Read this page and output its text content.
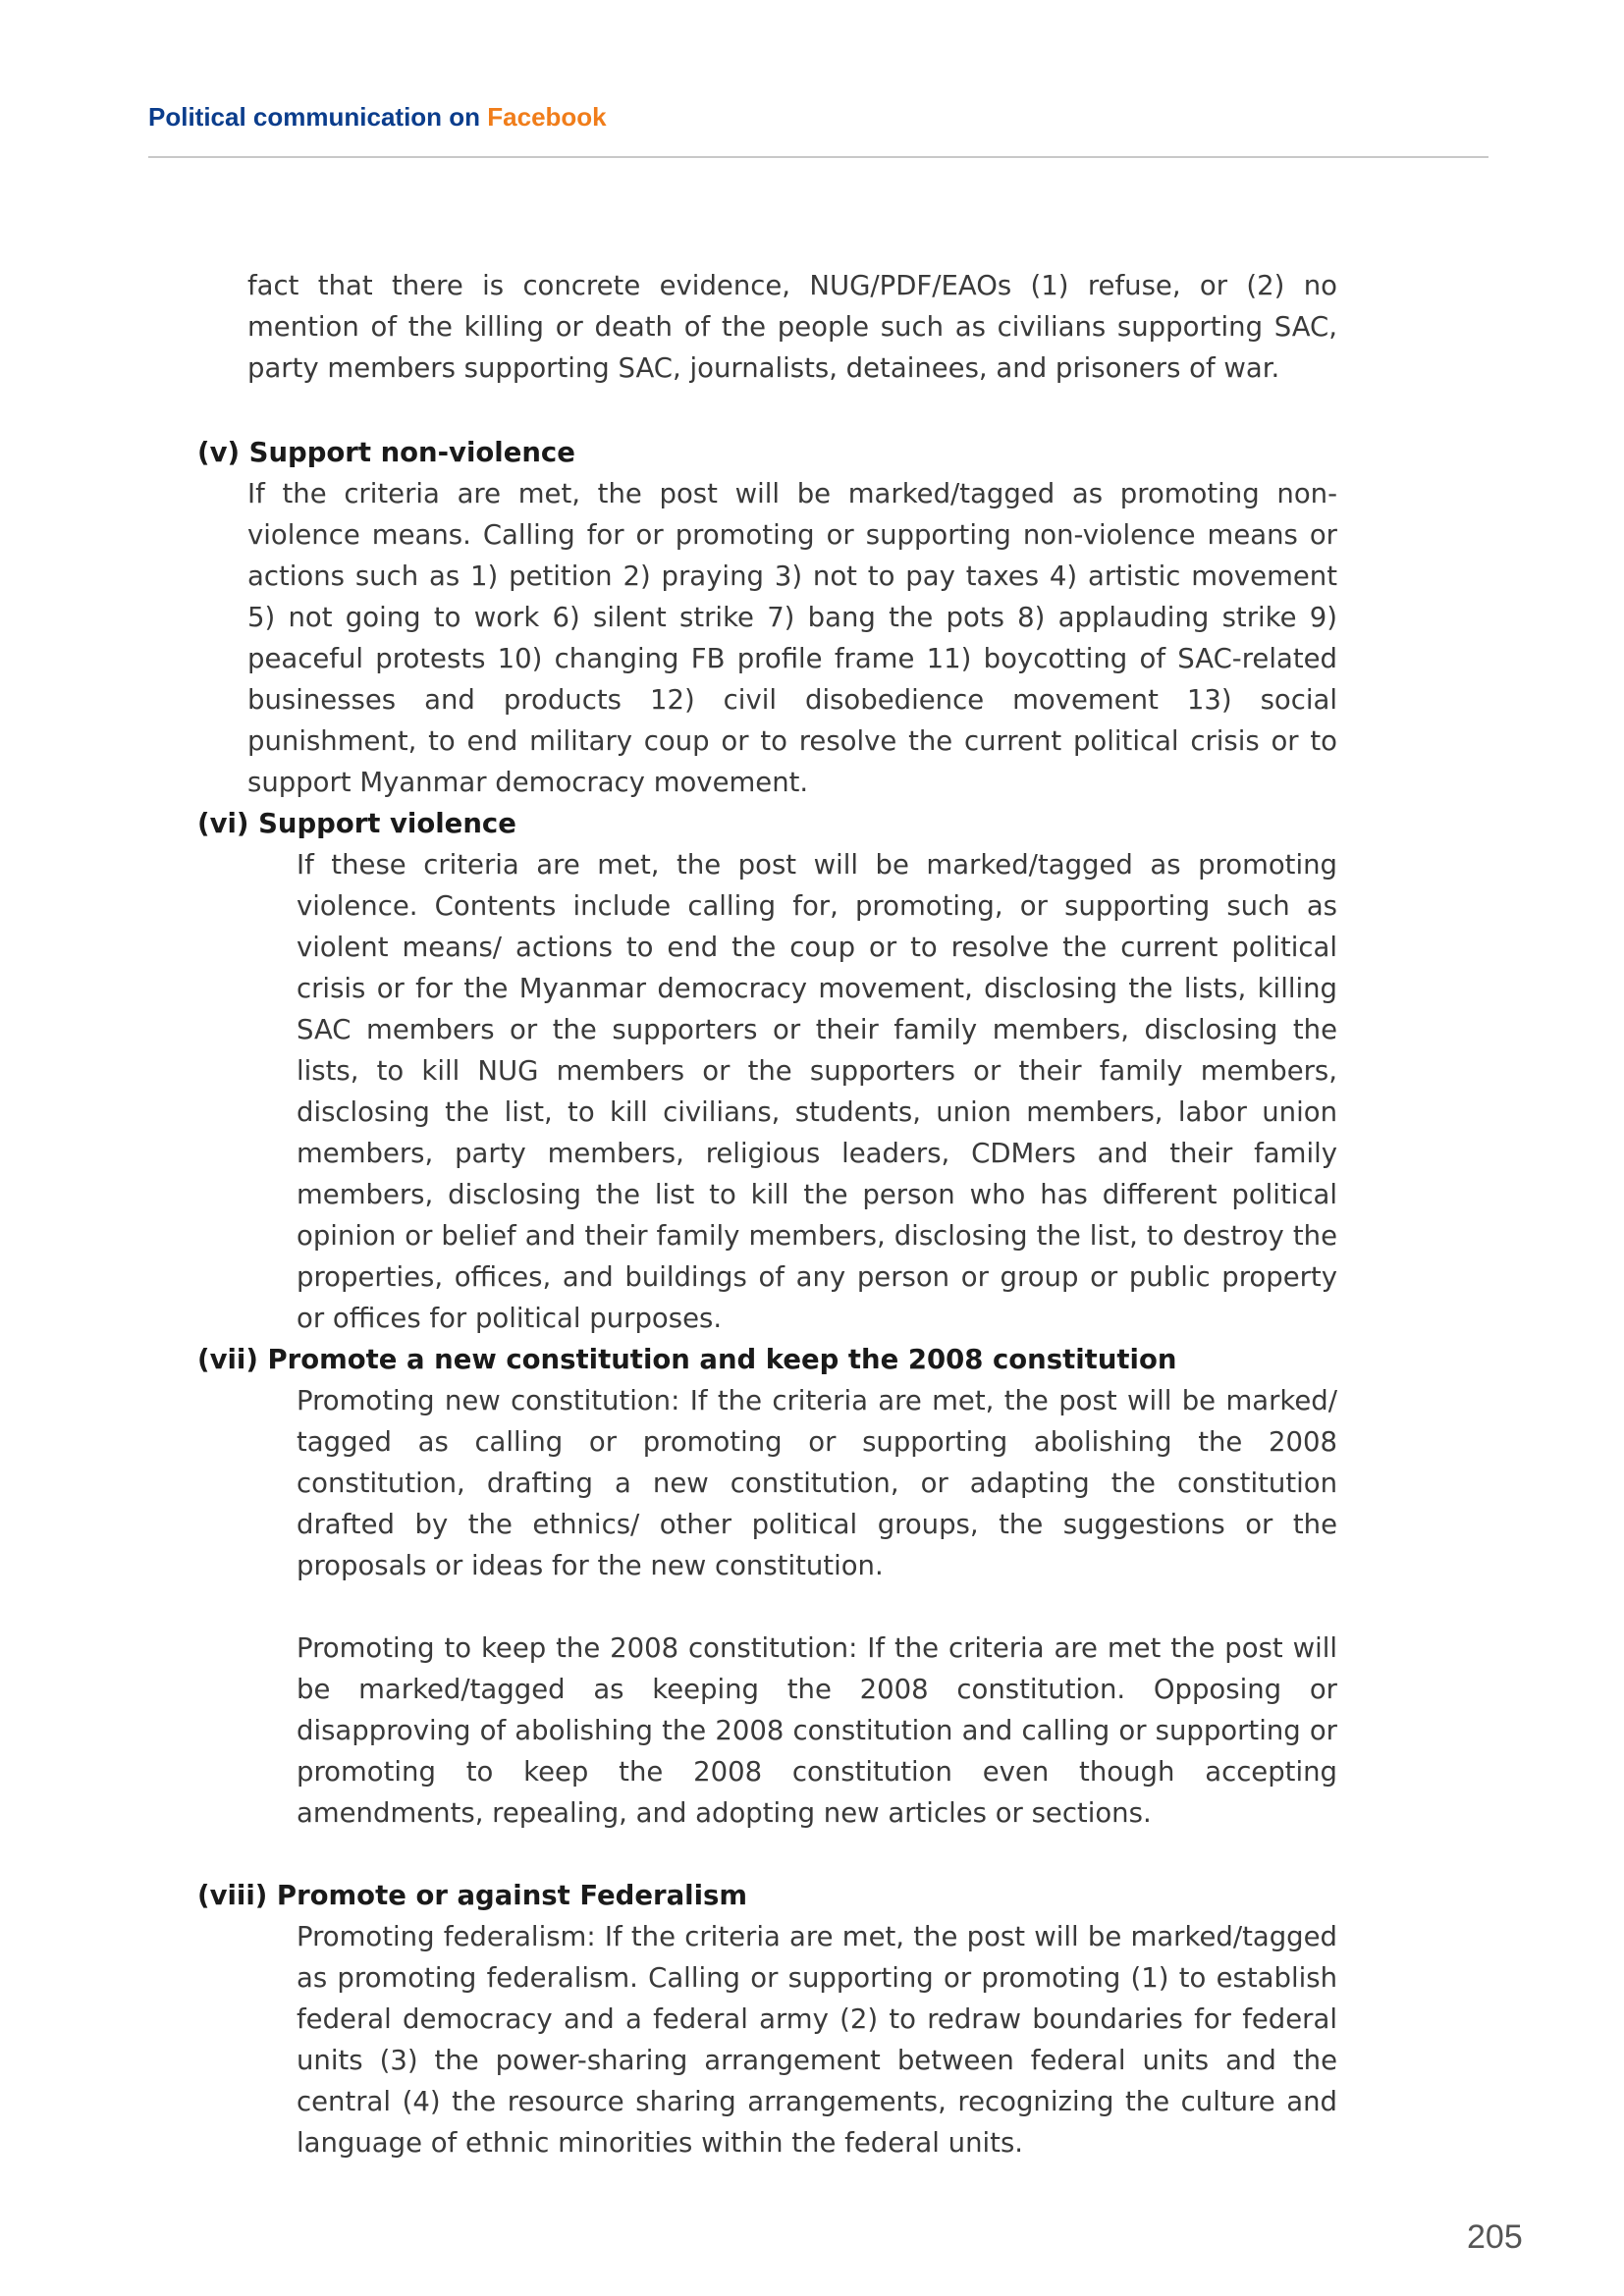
Political communication on Facebook

fact that there is concrete evidence, NUG/PDF/EAOs (1) refuse, or (2) no mention of the killing or death of the people such as civilians supporting SAC, party members supporting SAC, journalists, detainees, and prisoners of war.

(v) Support non-violence

If the criteria are met, the post will be marked/tagged as promoting non-violence means. Calling for or promoting or supporting non-violence means or actions such as 1) petition 2) praying 3) not to pay taxes 4) artistic movement 5) not going to work 6) silent strike 7) bang the pots 8) applauding strike 9) peaceful protests 10) changing FB profile frame 11) boycotting of SAC-related businesses and products 12) civil disobedience movement 13) social punishment, to end military coup or to resolve the current political crisis or to support Myanmar democracy movement.

(vi) Support violence

If these criteria are met, the post will be marked/tagged as promoting violence. Contents include calling for, promoting, or supporting such as violent means/ actions to end the coup or to resolve the current political crisis or for the Myanmar democracy movement, disclosing the lists, killing SAC members or the supporters or their family members, disclosing the lists, to kill NUG members or the supporters or their family members, disclosing the list, to kill civilians, students, union members, labor union members, party members, religious leaders, CDMers and their family members, disclosing the list to kill the person who has different political opinion or belief and their family members, disclosing the list, to destroy the properties, offices, and buildings of any person or group or public property or offices for political purposes.

(vii) Promote a new constitution and keep the 2008 constitution

Promoting new constitution: If the criteria are met, the post will be marked/ tagged as calling or promoting or supporting abolishing the 2008 constitution, drafting a new constitution, or adapting the constitution drafted by the ethnics/ other political groups, the suggestions or the proposals or ideas for the new constitution.

Promoting to keep the 2008 constitution: If the criteria are met the post will be marked/tagged as keeping the 2008 constitution. Opposing or disapproving of abolishing the 2008 constitution and calling or supporting or promoting to keep the 2008 constitution even though accepting amendments, repealing, and adopting new articles or sections.

(viii) Promote or against Federalism

Promoting federalism: If the criteria are met, the post will be marked/tagged as promoting federalism. Calling or supporting or promoting (1) to establish federal democracy and a federal army (2) to redraw boundaries for federal units (3) the power-sharing arrangement between federal units and the central (4) the resource sharing arrangements, recognizing the culture and language of ethnic minorities within the federal units.

205
